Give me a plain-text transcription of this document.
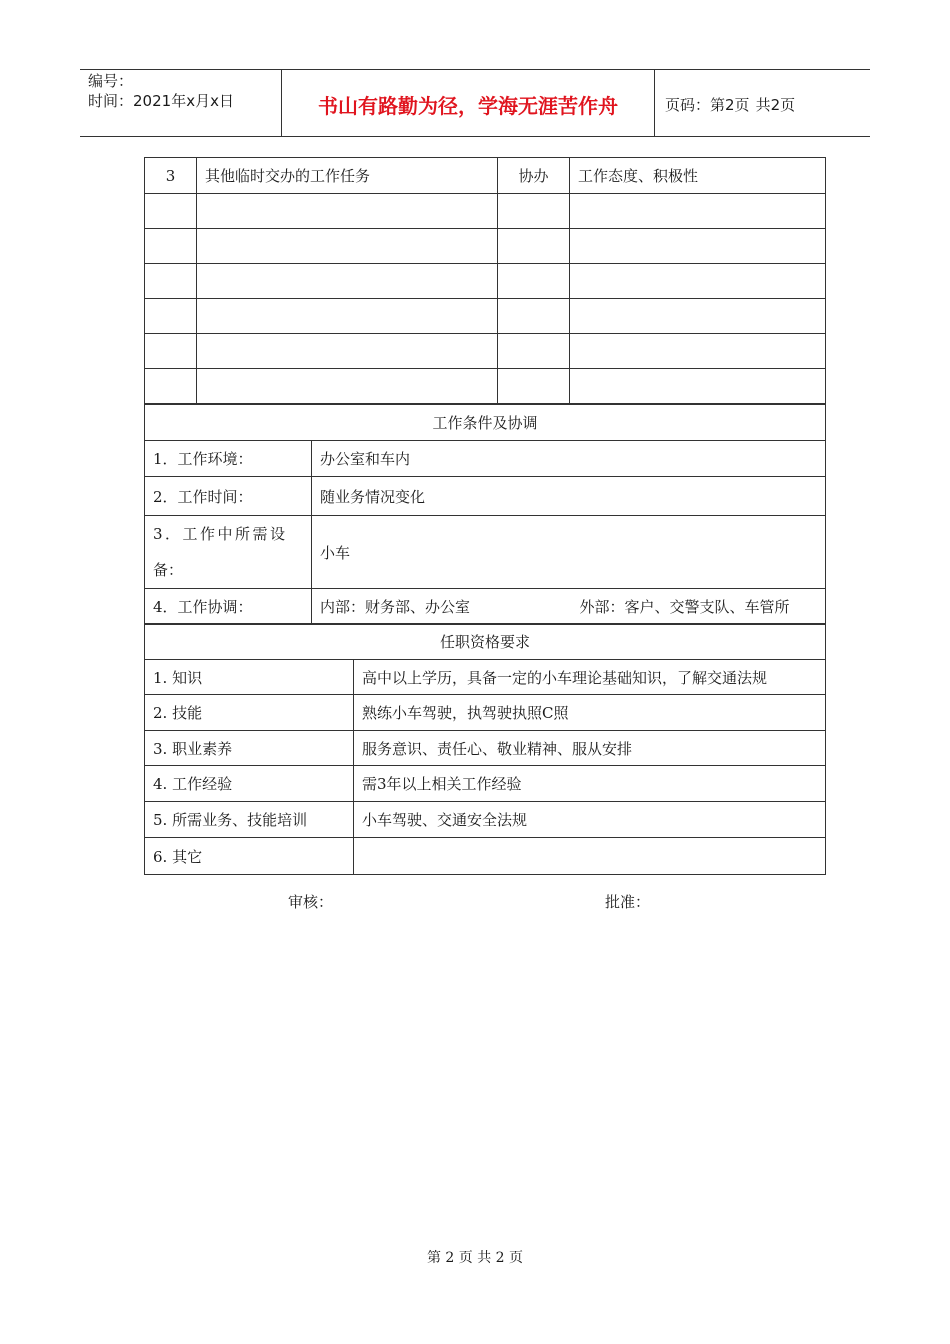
编号：
时间：2021年x月x日	书山有路勤为径，学海无涯苦作舟	页码：第2页 共2页
3	其他临时交办的工作任务	协办	工作态度、积极性

工作条件及协调		
1．工作环境：	办公室和车内	
2．工作时间：	随业务情况变化	

3．工作中所需设
备：	小车	
4．工作协调：	内部：财务部、办公室	外部：客户、交警支队、车管所
任职资格要求	
1. 知识	高中以上学历，具备一定的小车理论基础知识，了解交通法规
2. 技能	熟练小车驾驶，执驾驶执照C照
3. 职业素养	服务意识、责任心、敬业精神、服从安排
4. 工作经验	需3年以上相关工作经验
5. 所需业务、技能培训	小车驾驶、交通安全法规
6. 其它	
审核：	批准：
第 2 页 共 2 页
